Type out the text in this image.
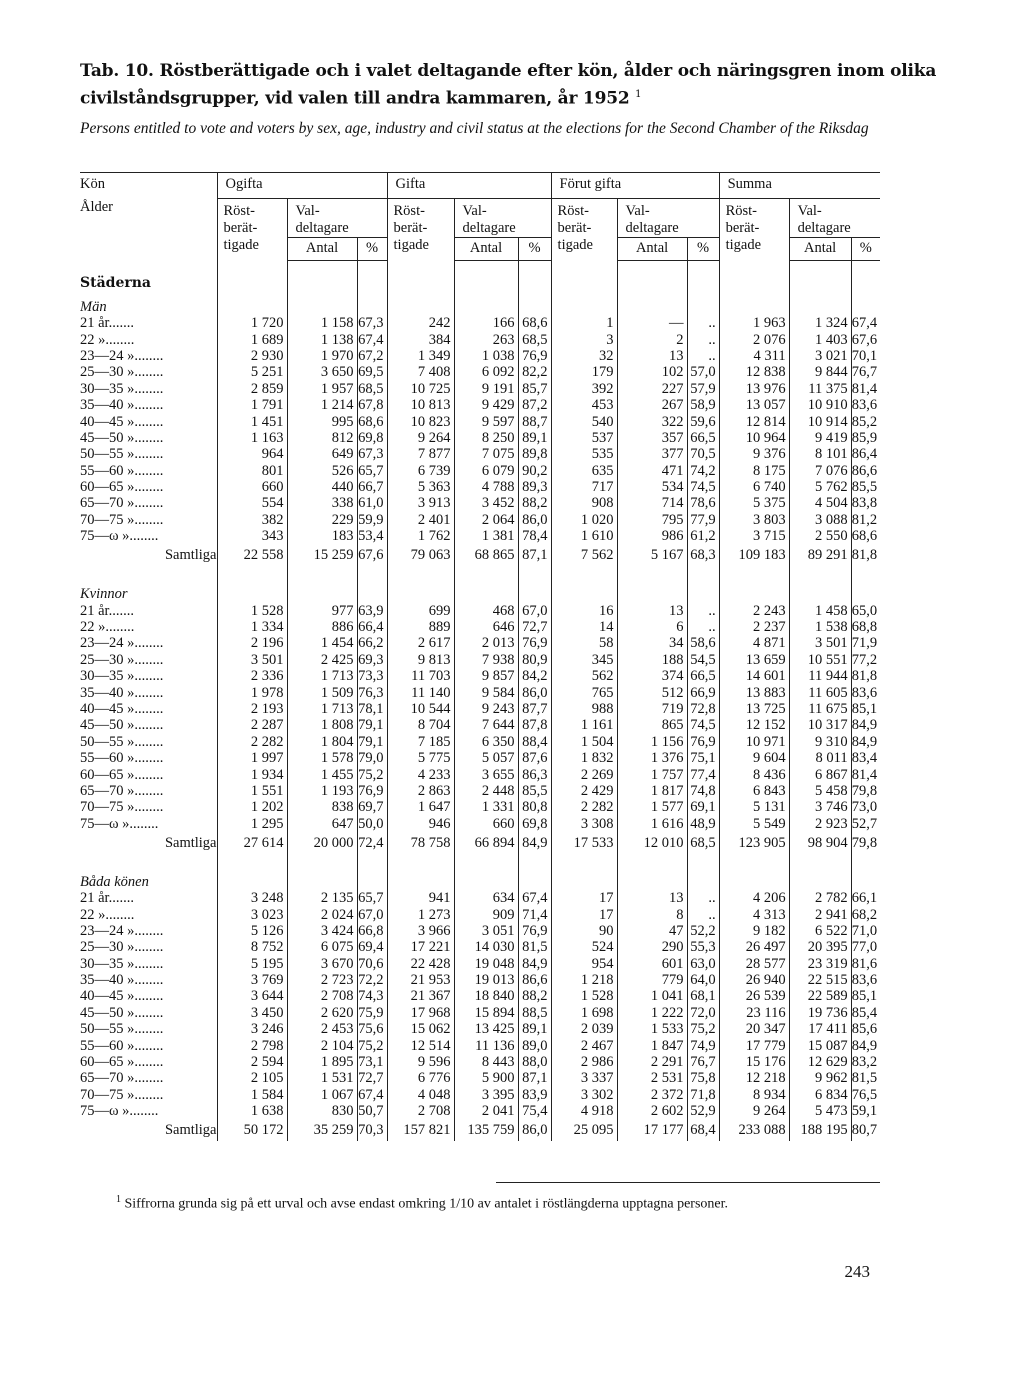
Tab. 10. Röstberättigade och i valet deltagande efter kön, ålder och näringsgren inom olika civilståndsgrupper, vid valen till andra kammaren, år 1952 $^1$
Persons entitled to vote and voters by sex, age, industry and civil status at the elections for the Second Chamber of the Riksdag
Kön	Ogifta			Gifta			Förut gifta			Summa		
Ålder	Röst-
berät-
tigade	Val-
deltagare		Röst-
berät-
tigade	Val-
deltagare		Röst-
berät-
tigade	Val-
deltagare		Röst-
berät-
tigade	Val-
deltagare	

		Antal	%		Antal	%		Antal	%		Antal	%
Städerna												
Män												
21 år.......	1 720	1 158	67,3	242	166	68,6	1	—	..	1 963	1 324	67,4
22 »........	1 689	1 138	67,4	384	263	68,5	3	2	..	2 076	1 403	67,6
23—24 »........	2 930	1 970	67,2	1 349	1 038	76,9	32	13	..	4 311	3 021	70,1
25—30 »........	5 251	3 650	69,5	7 408	6 092	82,2	179	102	57,0	12 838	9 844	76,7
30—35 »........	2 859	1 957	68,5	10 725	9 191	85,7	392	227	57,9	13 976	11 375	81,4
35—40 »........	1 791	1 214	67,8	10 813	9 429	87,2	453	267	58,9	13 057	10 910	83,6
40—45 »........	1 451	995	68,6	10 823	9 597	88,7	540	322	59,6	12 814	10 914	85,2
45—50 »........	1 163	812	69,8	9 264	8 250	89,1	537	357	66,5	10 964	9 419	85,9
50—55 »........	964	649	67,3	7 877	7 075	89,8	535	377	70,5	9 376	8 101	86,4
55—60 »........	801	526	65,7	6 739	6 079	90,2	635	471	74,2	8 175	7 076	86,6
60—65 »........	660	440	66,7	5 363	4 788	89,3	717	534	74,5	6 740	5 762	85,5
65—70 »........	554	338	61,0	3 913	3 452	88,2	908	714	78,6	5 375	4 504	83,8
70—75 »........	382	229	59,9	2 401	2 064	86,0	1 020	795	77,9	3 803	3 088	81,2
75—ω »........	343	183	53,4	1 762	1 381	78,4	1 610	986	61,2	3 715	2 550	68,6
Samtliga	22 558	15 259	67,6	79 063	68 865	87,1	7 562	5 167	68,3	109 183	89 291	81,8

Kvinnor												
21 år.......	1 528	977	63,9	699	468	67,0	16	13	..	2 243	1 458	65,0
22 »........	1 334	886	66,4	889	646	72,7	14	6	..	2 237	1 538	68,8
23—24 »........	2 196	1 454	66,2	2 617	2 013	76,9	58	34	58,6	4 871	3 501	71,9
25—30 »........	3 501	2 425	69,3	9 813	7 938	80,9	345	188	54,5	13 659	10 551	77,2
30—35 »........	2 336	1 713	73,3	11 703	9 857	84,2	562	374	66,5	14 601	11 944	81,8
35—40 »........	1 978	1 509	76,3	11 140	9 584	86,0	765	512	66,9	13 883	11 605	83,6
40—45 »........	2 193	1 713	78,1	10 544	9 243	87,7	988	719	72,8	13 725	11 675	85,1
45—50 »........	2 287	1 808	79,1	8 704	7 644	87,8	1 161	865	74,5	12 152	10 317	84,9
50—55 »........	2 282	1 804	79,1	7 185	6 350	88,4	1 504	1 156	76,9	10 971	9 310	84,9
55—60 »........	1 997	1 578	79,0	5 775	5 057	87,6	1 832	1 376	75,1	9 604	8 011	83,4
60—65 »........	1 934	1 455	75,2	4 233	3 655	86,3	2 269	1 757	77,4	8 436	6 867	81,4
65—70 »........	1 551	1 193	76,9	2 863	2 448	85,5	2 429	1 817	74,8	6 843	5 458	79,8
70—75 »........	1 202	838	69,7	1 647	1 331	80,8	2 282	1 577	69,1	5 131	3 746	73,0
75—ω »........	1 295	647	50,0	946	660	69,8	3 308	1 616	48,9	5 549	2 923	52,7
Samtliga	27 614	20 000	72,4	78 758	66 894	84,9	17 533	12 010	68,5	123 905	98 904	79,8

Båda könen												
21 år.......	3 248	2 135	65,7	941	634	67,4	17	13	..	4 206	2 782	66,1
22 »........	3 023	2 024	67,0	1 273	909	71,4	17	8	..	4 313	2 941	68,2
23—24 »........	5 126	3 424	66,8	3 966	3 051	76,9	90	47	52,2	9 182	6 522	71,0
25—30 »........	8 752	6 075	69,4	17 221	14 030	81,5	524	290	55,3	26 497	20 395	77,0
30—35 »........	5 195	3 670	70,6	22 428	19 048	84,9	954	601	63,0	28 577	23 319	81,6
35—40 »........	3 769	2 723	72,2	21 953	19 013	86,6	1 218	779	64,0	26 940	22 515	83,6
40—45 »........	3 644	2 708	74,3	21 367	18 840	88,2	1 528	1 041	68,1	26 539	22 589	85,1
45—50 »........	3 450	2 620	75,9	17 968	15 894	88,5	1 698	1 222	72,0	23 116	19 736	85,4
50—55 »........	3 246	2 453	75,6	15 062	13 425	89,1	2 039	1 533	75,2	20 347	17 411	85,6
55—60 »........	2 798	2 104	75,2	12 514	11 136	89,0	2 467	1 847	74,9	17 779	15 087	84,9
60—65 »........	2 594	1 895	73,1	9 596	8 443	88,0	2 986	2 291	76,7	15 176	12 629	83,2
65—70 »........	2 105	1 531	72,7	6 776	5 900	87,1	3 337	2 531	75,8	12 218	9 962	81,5
70—75 »........	1 584	1 067	67,4	4 048	3 395	83,9	3 302	2 372	71,8	8 934	6 834	76,5
75—ω »........	1 638	830	50,7	2 708	2 041	75,4	4 918	2 602	52,9	9 264	5 473	59,1
Samtliga	50 172	35 259	70,3	157 821	135 759	86,0	25 095	17 177	68,4	233 088	188 195	80,7
$^1$ Siffrorna grunda sig på ett urval och avse endast omkring 1/10 av antalet i röstlängderna upptagna personer.
243
